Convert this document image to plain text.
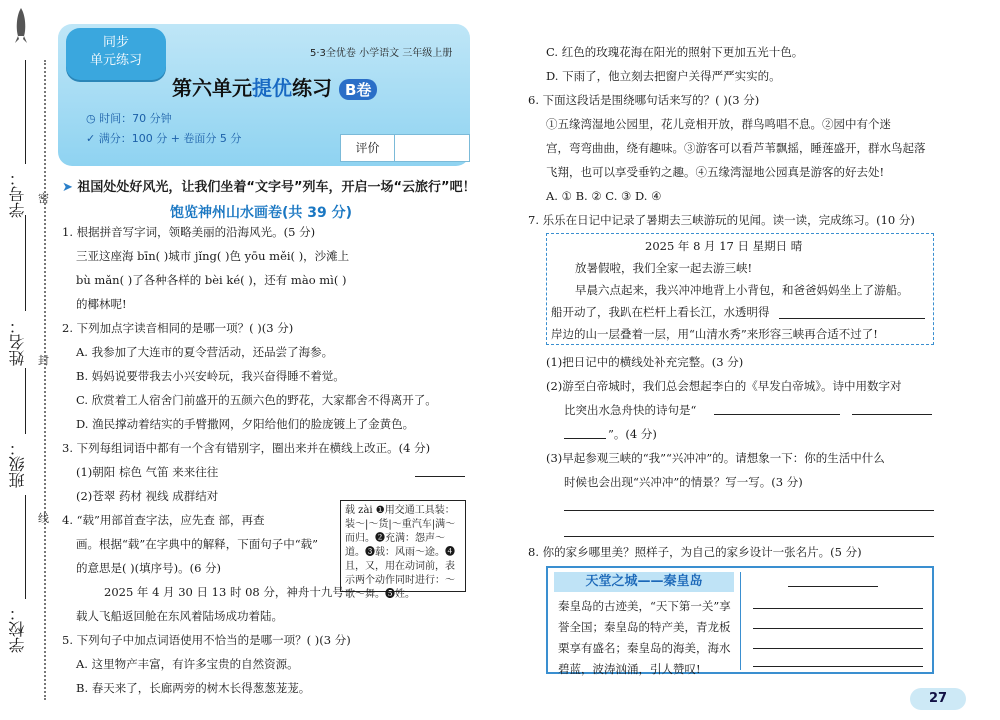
学号：
姓名：
班级：
学校：
密
封
线
5·3全优卷 小学语文 三年级上册
评价
同步
单元练习
第六单元提优练习 B卷
◷ 时间：70 分钟
✓ 满分：100 分 + 卷面分 5 分
➤ 祖国处处好风光，让我们坐着“文字号”列车，开启一场“云旅行”吧！
饱览神州山水画卷(共 39 分)
1. 根据拼音写字词，领略美丽的沿海风光。(5 分)
三亚这座海 bīn( )城市 jǐng( )色 yōu měi( )，沙滩上
bù mǎn( )了各种各样的 bèi ké( )，还有 mào mì( )
的椰林呢!
2. 下列加点字读音相同的是哪一项？( )(3 分)
A. 我参加了大连市的夏令营活动，还品尝了海参。
B. 妈妈说要带我去小兴安岭玩，我兴奋得睡不着觉。
C. 欣赏着工人宿舍门前盛开的五颜六色的野花，大家都舍不得离开了。
D. 渔民撑动着结实的手臂撒网，夕阳给他们的脸庞镀上了金黄色。
3. 下列每组词语中都有一个含有错别字，圈出来并在横线上改正。(4 分)
(1)朝阳 棕色 气笛 来来往往
(2)苍翠 药材 视线 成群结对
4. “载”用部首查字法，应先查 部，再查
画。根据“载”在字典中的解释，下面句子中“载”
的意思是( )(填序号)。(6 分)
2025 年 4 月 30 日 13 时 08 分，神舟十九号
载人飞船返回舱在东风着陆场成功着陆。
载 zài ❶用交通工具装：装～|～货|～重汽车|满～而归。❷充满：怨声～道。❸载：风雨～途。❹且，又，用在动词前，表示两个动作同时进行：～歌～舞。❺姓。
5. 下列句子中加点词语使用不恰当的是哪一项？( )(3 分)
A. 这里物产丰富，有许多宝贵的自然资源。
B. 春天来了，长廊两旁的树木长得葱葱茏茏。
C. 红色的玫瑰花海在阳光的照射下更加五光十色。
D. 下雨了，他立刻去把窗户关得严严实实的。
6. 下面这段话是围绕哪句话来写的？( )(3 分)
①五缘湾湿地公园里，花儿竞相开放，群鸟鸣唱不息。②园中有个迷
宫，弯弯曲曲，绕有趣味。③游客可以看芦苇飘摇，睡莲盛开，群水鸟起落
飞翔，也可以享受垂钓之趣。④五缘湾湿地公园真是游客的好去处!
A. ① B. ② C. ③ D. ④
7. 乐乐在日记中记录了暑期去三峡游玩的见闻。读一读，完成练习。(10 分)
2025 年 8 月 17 日 星期日 晴
放暑假啦，我们全家一起去游三峡!
早晨六点起来，我兴冲冲地背上小背包，和爸爸妈妈坐上了游船。
船开动了，我趴在栏杆上看长江，水透明得
岸边的山一层叠着一层，用“山清水秀”来形容三峡再合适不过了!
(1)把日记中的横线处补充完整。(3 分)
(2)游至白帝城时，我们总会想起李白的《早发白帝城》。诗中用数字对
比突出水急舟快的诗句是“
”。(4 分)
(3)早起参观三峡的“我”“兴冲冲”的。请想象一下：你的生活中什么
时候也会出现“兴冲冲”的情景？写一写。(3 分)
8. 你的家乡哪里美？照样子，为自己的家乡设计一张名片。(5 分)
天堂之城——秦皇岛
秦皇岛的古迹美，“天下第一关”享誉全国；秦皇岛的特产美，青龙板栗享有盛名；秦皇岛的海美，海水碧蓝，波涛汹涌，引人赞叹!
27
